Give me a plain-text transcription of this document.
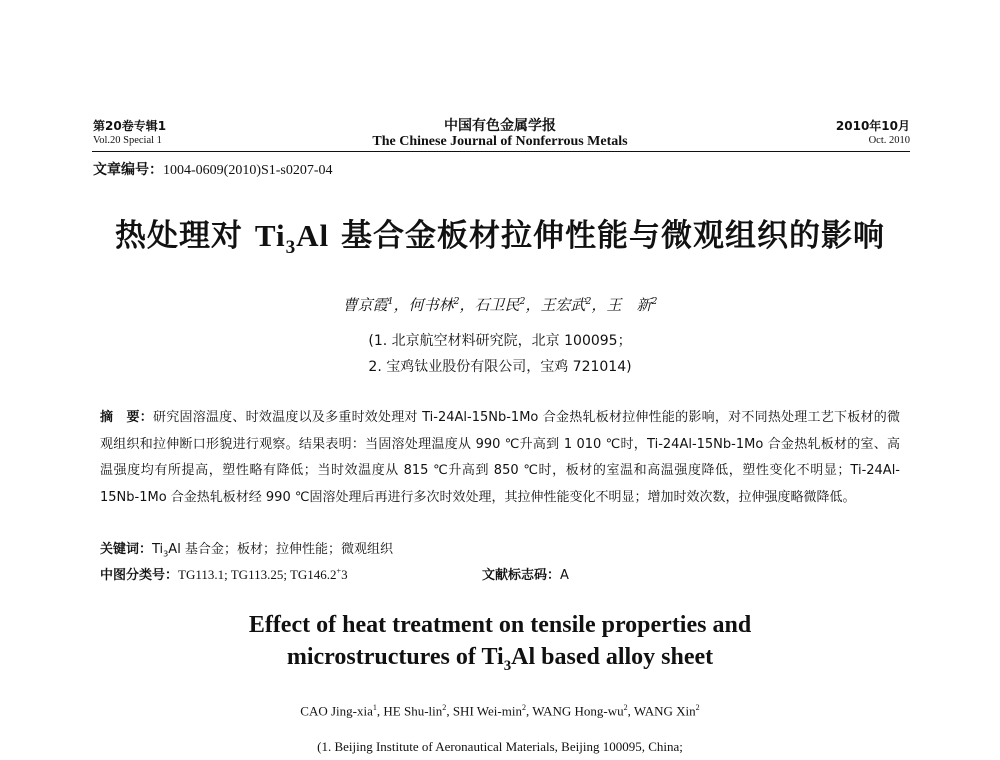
第20卷专辑1
Vol.20 Special 1
中国有色金属学报
The Chinese Journal of Nonferrous Metals
2010年10月
Oct. 2010
文章编号：1004-0609(2010)S1-s0207-04
热处理对 $Ti_3Al$ 基合金板材拉伸性能与微观组织的影响
曹京霞$^1$，何书林$^2$，石卫民$^2$，王宏武$^2$，王　新$^2$
(1. 北京航空材料研究院，北京 100095；
2. 宝鸡钛业股份有限公司，宝鸡 721014)
摘　要：研究固溶温度、时效温度以及多重时效处理对 Ti-24Al-15Nb-1Mo 合金热轧板材拉伸性能的影响，对不同热处理工艺下板材的微观组织和拉伸断口形貌进行观察。结果表明：当固溶处理温度从 990 ℃升高到 1 010 ℃时，Ti-24Al-15Nb-1Mo 合金热轧板材的室、高温强度均有所提高，塑性略有降低；当时效温度从 815 ℃升高到 850 ℃时，板材的室温和高温强度降低，塑性变化不明显；Ti-24Al-15Nb-1Mo 合金热轧板材经 990 ℃固溶处理后再进行多次时效处理，其拉伸性能变化不明显；增加时效次数，拉伸强度略微降低。
关键词：$Ti_3Al$ 基合金；板材；拉伸性能；微观组织
中图分类号：TG113.1; TG113.25; TG146.2+3	文献标志码：A
Effect of heat treatment on tensile properties and
microstructures of $Ti_3Al$ based alloy sheet
CAO Jing-xia$^1$, HE Shu-lin$^2$, SHI Wei-$\min^2$, WANG Hong-$wu^2$, WANG Xin$^2$
(1. Beijing Institute of Aeronautical Materials, Beijing 100095, China;
